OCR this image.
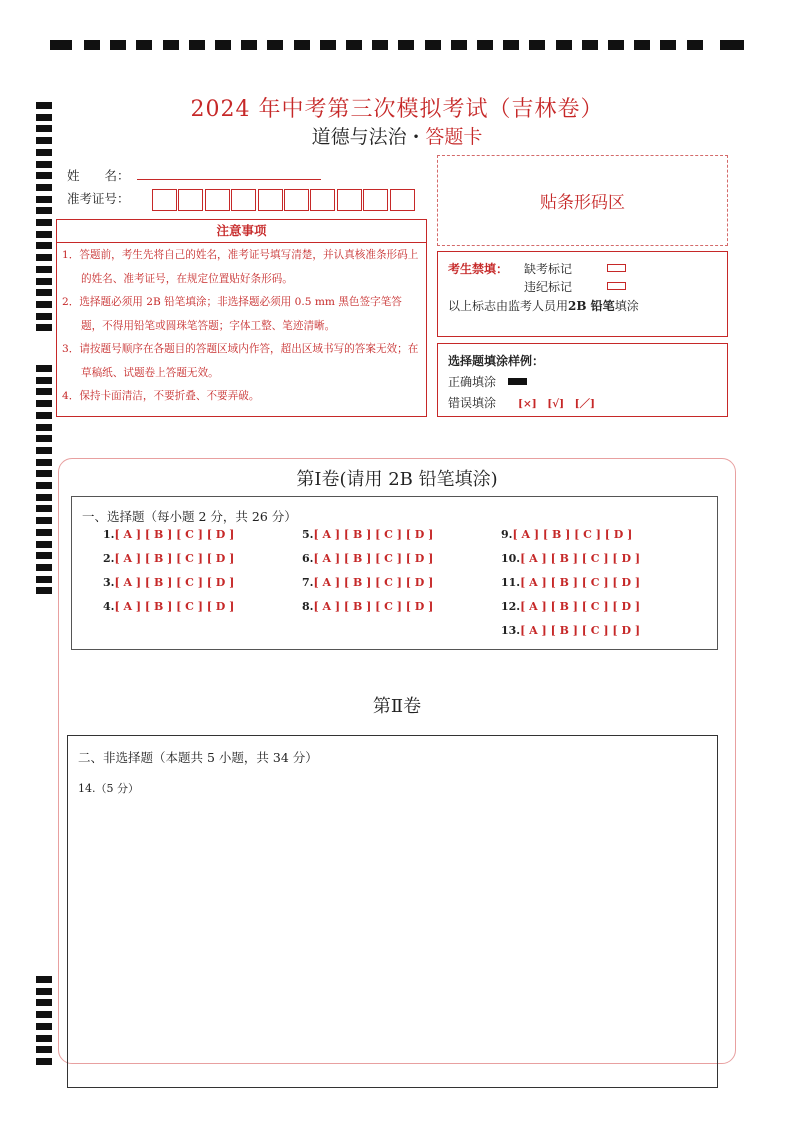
2024 年中考第三次模拟考试（吉林卷）
道德与法治 · 答题卡
姓　　名：
准考证号：	贴条形码区
注意事项

1．答题前，考生先将自己的姓名，准考证号填写清楚，并认真核准条形码上的姓名、准考证号，在规定位置贴好条形码。

2．选择题必须用 2B 铅笔填涂；非选择题必须用 0.5 mm 黑色签字笔答题，不得用铅笔或圆珠笔答题；字体工整、笔迹清晰。

3．请按题号顺序在各题目的答题区域内作答，超出区域书写的答案无效；在草稿纸、试题卷上答题无效。

4．保持卡面清洁，不要折叠、不要弄破。

考生禁填： 缺考标记
违纪标记
以上标志由监考人员用2B 铅笔填涂
选择题填涂样例：
正确填涂
错误填涂 [×]　[√]　[／]
第Ⅰ卷(请用 2B 铅笔填涂)
一、选择题（每小题 2 分，共 26 分）
1.[ A ] [ B ] [ C ] [ D ]
2.[ A ] [ B ] [ C ] [ D ]
3.[ A ] [ B ] [ C ] [ D ]
4.[ A ] [ B ] [ C ] [ D ]
5.[ A ] [ B ] [ C ] [ D ]
6.[ A ] [ B ] [ C ] [ D ]
7.[ A ] [ B ] [ C ] [ D ]
8.[ A ] [ B ] [ C ] [ D ]
9.[ A ] [ B ] [ C ] [ D ]
10.[ A ] [ B ] [ C ] [ D ]
11.[ A ] [ B ] [ C ] [ D ]
12.[ A ] [ B ] [ C ] [ D ]
13.[ A ] [ B ] [ C ] [ D ]
第Ⅱ卷
二、非选择题（本题共 5 小题，共 34 分）
14.（5 分）
